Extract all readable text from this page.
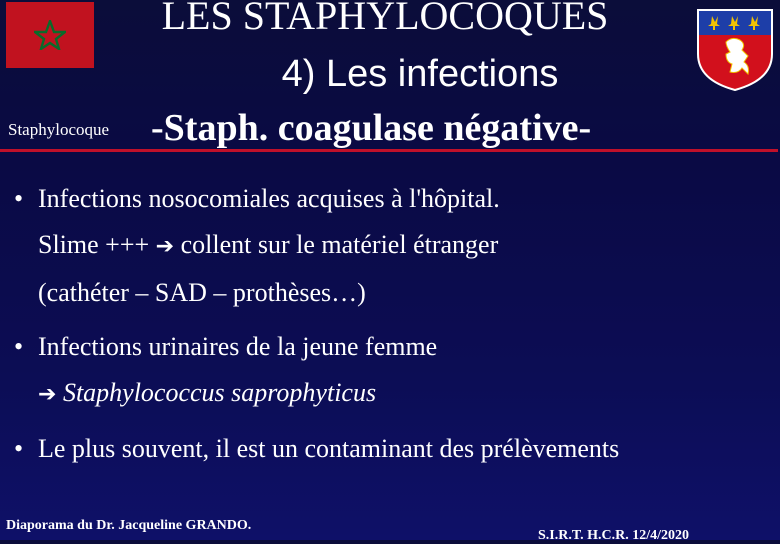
LES STAPHYLOCOQUES
4) Les infections
Staphylocoque -Staph. coagulase négative-
• Infections nosocomiales acquises à l'hôpital.
Slime +++ ➔ collent sur le matériel étranger
(cathéter – SAD – prothèses…)
• Infections urinaires de la jeune femme
➔ Staphylococcus saprophyticus
• Le plus souvent, il est un contaminant des prélèvements
Diaporama du Dr. Jacqueline GRANDO.
S.I.R.T. H.C.R. 12/4/2020
